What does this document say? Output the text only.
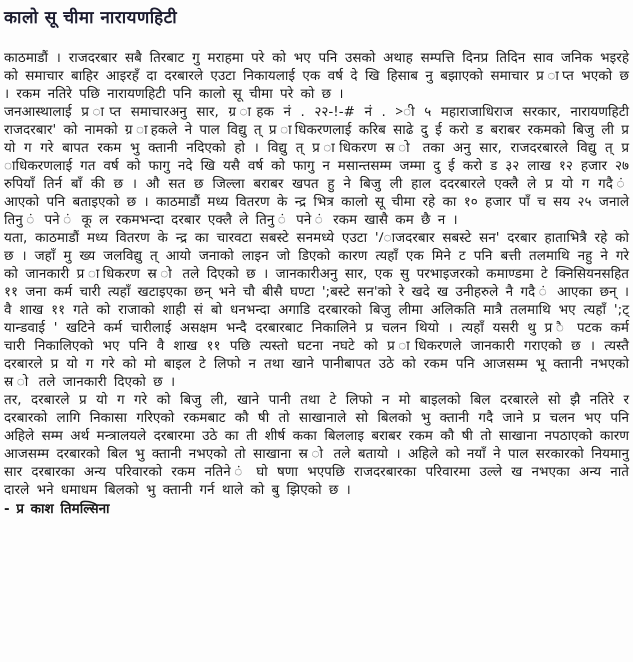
कालो सू चीमा नारायणहिटी

काठमाडौं । राजदरबार सबै तिरबाट गु मराहमा परे को भए पनि उसको अथाह सम्पत्ति दिनप्र तिदिन साव जनिक भइरहे को समाचार बाहिर आइरहँ दा दरबारले एउटा निकायलाई एक वर्ष दे खि हिसाब नु बझाएको समाचार प्र ाप्त भएको छ । रकम नतिरे पछि नारायणहिटी पनि कालो सू चीमा परे को छ ।

जनआस्थालाई प्र ाप्त समाचारअनु सार, ग्र ाहक नं . २२-!-# नं . >ी ५ महाराजाधिराज सरकार, नारायणहिटी राजदरबार' को नामको ग्र ाहकले ने पाल विद्यु त् प्र ाधिकरणलाई करिब साढे दु ई करो ड बराबर रकमको बिजु ली प्र यो ग गरे बापत रकम भु क्तानी नदिएको हो । विद्यु त् प्र ाधिकरण स्र ो तका अनु सार, राजदरबारले विद्यु त् प्र ाधिकरणलाई गत वर्ष को फागु नदे खि यसै वर्ष को फागु न मसान्तसम्म जम्मा दु ई करो ड ३२ लाख १२ हजार २७ रुपियाँ तिर्न बाँ की छ । औ सत छ जिल्ला बराबर खपत हु ने बिजु ली हाल ददरबारले एक्लै ले प्र यो ग गदै ं आएको पनि बताइएको छ । काठमाडौं मध्य वितरण के न्द्र भित्र कालो सू चीमा रहे का १० हजार पाँ च सय २५ जनाले तिनु ं पने ं कू ल रकमभन्दा दरबार एक्लै ले तिनु ं पने ं रकम खासै कम छै न ।

यता, काठमाडौं मध्य वितरण के न्द्र का चारवटा सबस्टे सनमध्ये एउटा '/ाजदरबार सबस्टे सन' दरबार हाताभित्रै रहे को छ । जहाँ मु ख्य जलविद्यु त् आयो जनाको लाइन जो डिएको कारण त्यहाँ एक मिने ट पनि बत्ती तलमाथि नहु ने गरे को जानकारी प्र ाधिकरण स्र ो तले दिएको छ । जानकारीअनु सार, एक सु परभाइजरको कमाण्डमा टे क्निसियनसहित ११ जना कर्म चारी त्यहाँ खटाइएका छन् भने चौ बीसै घण्टा ';बस्टे सन'को रे खदे ख उनीहरुले नै गदै ं आएका छन् । वै शाख ११ गते को राजाको शाही सं बो धनभन्दा अगाडि दरबारको बिजु लीमा अलिकति मात्रै तलमाथि भए त्यहाँ ';ट् यान्डवाई ' खटिने कर्म चारीलाई असक्षम भन्दै दरबारबाट निकालिने प्र चलन थियो । त्यहाँ यसरी थु प्र ै पटक कर्म चारी निकालिएको भए पनि वै शाख ११ पछि त्यस्तो घटना नघटे को प्र ाधिकरणले जानकारी गराएको छ । त्यस्तै दरबारले प्र यो ग गरे को मो बाइल टे लिफो न तथा खाने पानीबापत उठे को रकम पनि आजसम्म भू क्तानी नभएको स्र ो तले जानकारी दिएको छ ।

तर, दरबारले प्र यो ग गरे को बिजु ली, खाने पानी तथा टे लिफो न मो बाइलको बिल दरबारले सो झै नतिरे र दरबारको लागि निकासा गरिएको रकमबाट कौ षी तो साखानाले सो बिलको भु क्तानी गदै जाने प्र चलन भए पनि अहिले सम्म अर्थ मन्त्रालयले दरबारमा उठे का ती शीर्ष कका बिललाइ बराबर रकम कौ षी तो साखाना नपठाएको कारण आजसम्म दरबारको बिल भु क्तानी नभएको तो साखाना स्र ो तले बतायो । अहिले को नयाँ ने पाल सरकारको नियमानु सार दरबारका अन्य परिवारको रकम नतिने ं घो षणा भएपछि राजदरबारका परिवारमा उल्ले ख नभएका अन्य नाते दारले भने धमाधम बिलको भु क्तानी गर्न थाले को बु झिएको छ ।

- प्र काश तिमल्सिना
